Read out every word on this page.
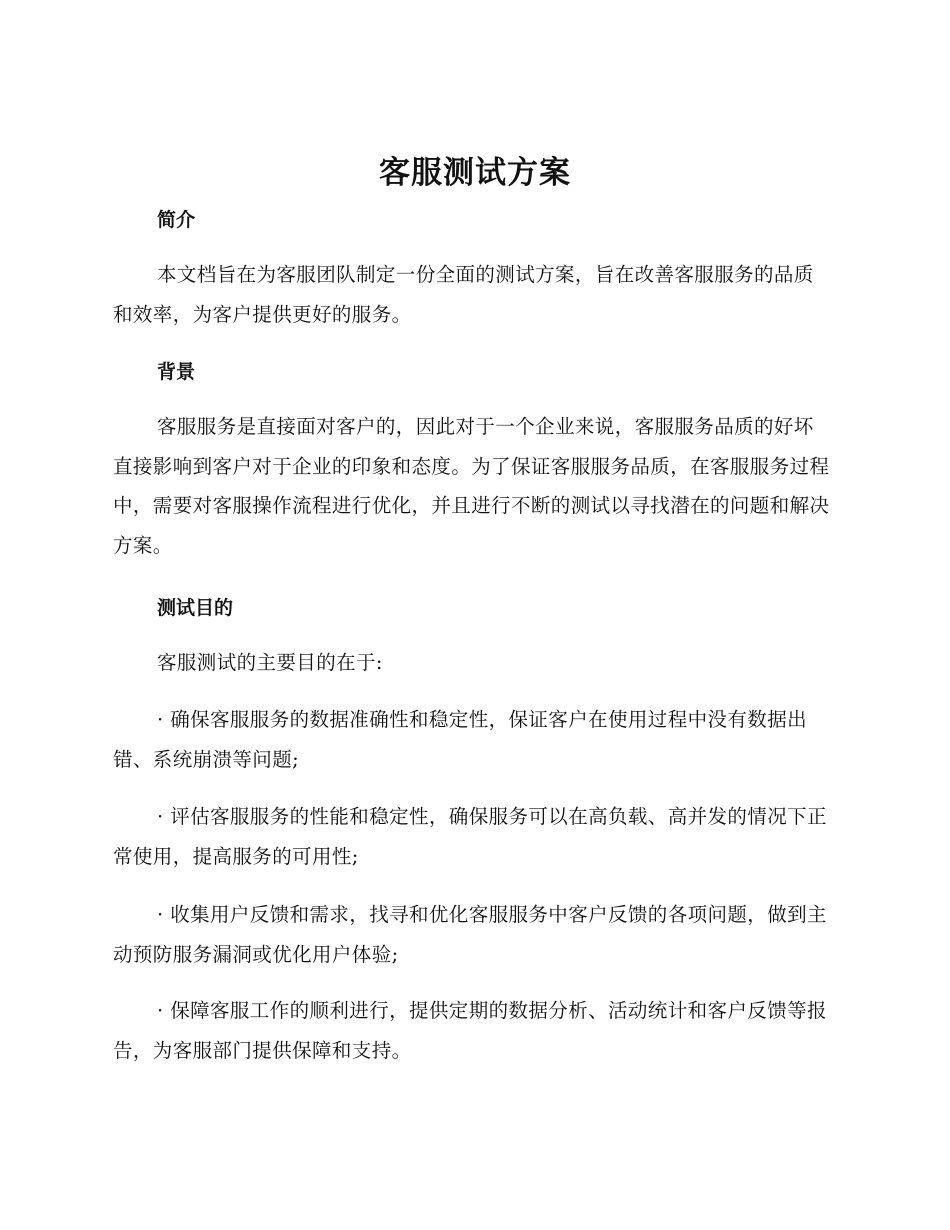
客服测试方案
简介

本文档旨在为客服团队制定一份全面的测试方案，旨在改善客服服务的品质和效率，为客户提供更好的服务。

背景

客服服务是直接面对客户的，因此对于一个企业来说，客服服务品质的好坏直接影响到客户对于企业的印象和态度。为了保证客服服务品质，在客服服务过程中，需要对客服操作流程进行优化，并且进行不断的测试以寻找潜在的问题和解决方案。

测试目的

客服测试的主要目的在于:

· 确保客服服务的数据准确性和稳定性，保证客户在使用过程中没有数据出错、系统崩溃等问题;

· 评估客服服务的性能和稳定性，确保服务可以在高负载、高并发的情况下正常使用，提高服务的可用性;

· 收集用户反馈和需求，找寻和优化客服服务中客户反馈的各项问题，做到主动预防服务漏洞或优化用户体验;

· 保障客服工作的顺利进行，提供定期的数据分析、活动统计和客户反馈等报告，为客服部门提供保障和支持。
